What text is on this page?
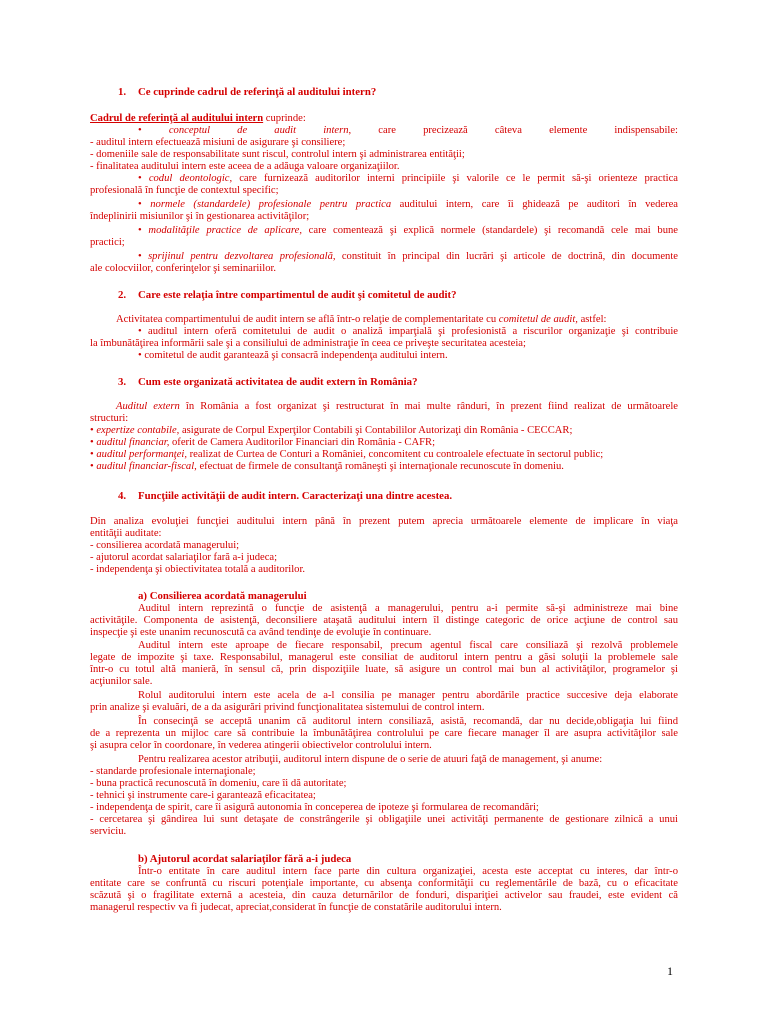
1. Ce cuprinde cadrul de referinţă al auditului intern?
Cadrul de referinţă al auditului intern cuprinde:
• conceptul de audit intern, care precizează câteva elemente indispensabile:
- auditul intern efectuează misiuni de asigurare şi consiliere;
- domeniile sale de responsabilitate sunt riscul, controlul intern şi administrarea entităţii;
- finalitatea auditului intern este aceea de a adăuga valoare organizaţiilor.
• codul deontologic, care furnizează auditorilor interni principiile şi valorile ce le permit să-şi orienteze practica
profesională în funcţie de contextul specific;
• normele (standardele) profesionale pentru practica auditului intern, care îi ghidează pe auditori în vederea
îndeplinirii misiunilor şi în gestionarea activităţilor;
• modalităţile practice de aplicare, care comentează şi explică normele (standardele) şi recomandă cele mai bune
practici;
• sprijinul pentru dezvoltarea profesională, constituit în principal din lucrări şi articole de doctrină, din documente
ale colocviilor, conferinţelor şi seminariilor.
2. Care este relaţia între compartimentul de audit şi comitetul de audit?
Activitatea compartimentului de audit intern se află într-o relaţie de complementaritate cu comitetul de audit, astfel:
• auditul intern oferă comitetului de audit o analiză imparţială şi profesionistă a riscurilor organizaţie şi contribuie
la îmbunătăţirea informării sale şi a consiliului de administraţie în ceea ce priveşte securitatea acesteia;
• comitetul de audit garantează şi consacră independenţa auditului intern.
3. Cum este organizată activitatea de audit extern în România?
Auditul extern în România a fost organizat şi restructurat în mai multe rânduri, în prezent fiind realizat de următoarele
structuri:
• expertize contabile, asigurate de Corpul Experţilor Contabili şi Contabililor Autorizaţi din România - CECCAR;
• auditul financiar, oferit de Camera Auditorilor Financiari din România - CAFR;
• auditul performanţei, realizat de Curtea de Conturi a României, concomitent cu controalele efectuate în sectorul public;
• auditul financiar-fiscal, efectuat de firmele de consultanţă româneşti şi internaţionale recunoscute în domeniu.
4. Funcţiile activităţii de audit intern. Caracterizaţi una dintre acestea.
Din analiza evoluţiei funcţiei auditului intern până în prezent putem aprecia următoarele elemente de implicare în viaţa
entităţii auditate:
- consilierea acordată managerului;
- ajutorul acordat salariaţilor fară a-i judeca;
- independenţa şi obiectivitatea totală a auditorilor.
a) Consilierea acordată managerului
Auditul intern reprezintă o funcţie de asistenţă a managerului, pentru a-i permite să-şi administreze mai bine
activităţile. Componenta de asistenţă, deconsiliere ataşată auditului intern îl distinge categoric de orice acţiune de control sau
inspecţie şi este unanim recunoscută ca având tendinţe de evoluţie în continuare.
Auditul intern este aproape de fiecare responsabil, precum agentul fiscal care consiliază şi rezolvă problemele
legate de impozite şi taxe. Responsabilul, managerul este consiliat de auditorul intern pentru a găsi soluţii la problemele sale
într-o cu totul altă manieră, în sensul că, prin dispoziţiile luate, să asigure un control mai bun al activităţilor, programelor şi
acţiunilor sale.
Rolul auditorului intern este acela de a-l consilia pe manager pentru abordările practice succesive deja elaborate
prin analize şi evaluări, de a da asigurări privind funcţionalitatea sistemului de control intern.
În consecinţă se acceptă unanim că auditorul intern consiliază, asistă, recomandă, dar nu decide,obligaţia lui fiind
de a reprezenta un mijloc care să contribuie la îmbunătăţirea controlului pe care fiecare manager îl are asupra activităţilor sale
şi asupra celor în coordonare, în vederea atingerii obiectivelor controlului intern.
Pentru realizarea acestor atribuţii, auditorul intern dispune de o serie de atuuri faţă de management, şi anume:
- standarde profesionale internaţionale;
- buna practică recunoscută în domeniu, care îi dă autoritate;
- tehnici şi instrumente care-i garantează eficacitatea;
- independenţa de spirit, care îi asigură autonomia în conceperea de ipoteze şi formularea de recomandări;
- cercetarea şi gândirea lui sunt detaşate de constrângerile şi obligaţiile unei activităţi permanente de gestionare zilnică a unui
serviciu.
b) Ajutorul acordat salariaţilor fără a-i judeca
Într-o entitate în care auditul intern face parte din cultura organizaţiei, acesta este acceptat cu interes, dar într-o
entitate care se confruntă cu riscuri potenţiale importante, cu absenţa conformităţii cu reglementările de bază, cu o eficacitate
scăzută şi o fragilitate externă a acesteia, din cauza deturnărilor de fonduri, dispariţiei activelor sau fraudei, este evident că
managerul respectiv va fi judecat, apreciat,considerat în funcţie de constatările auditorului intern.
1
